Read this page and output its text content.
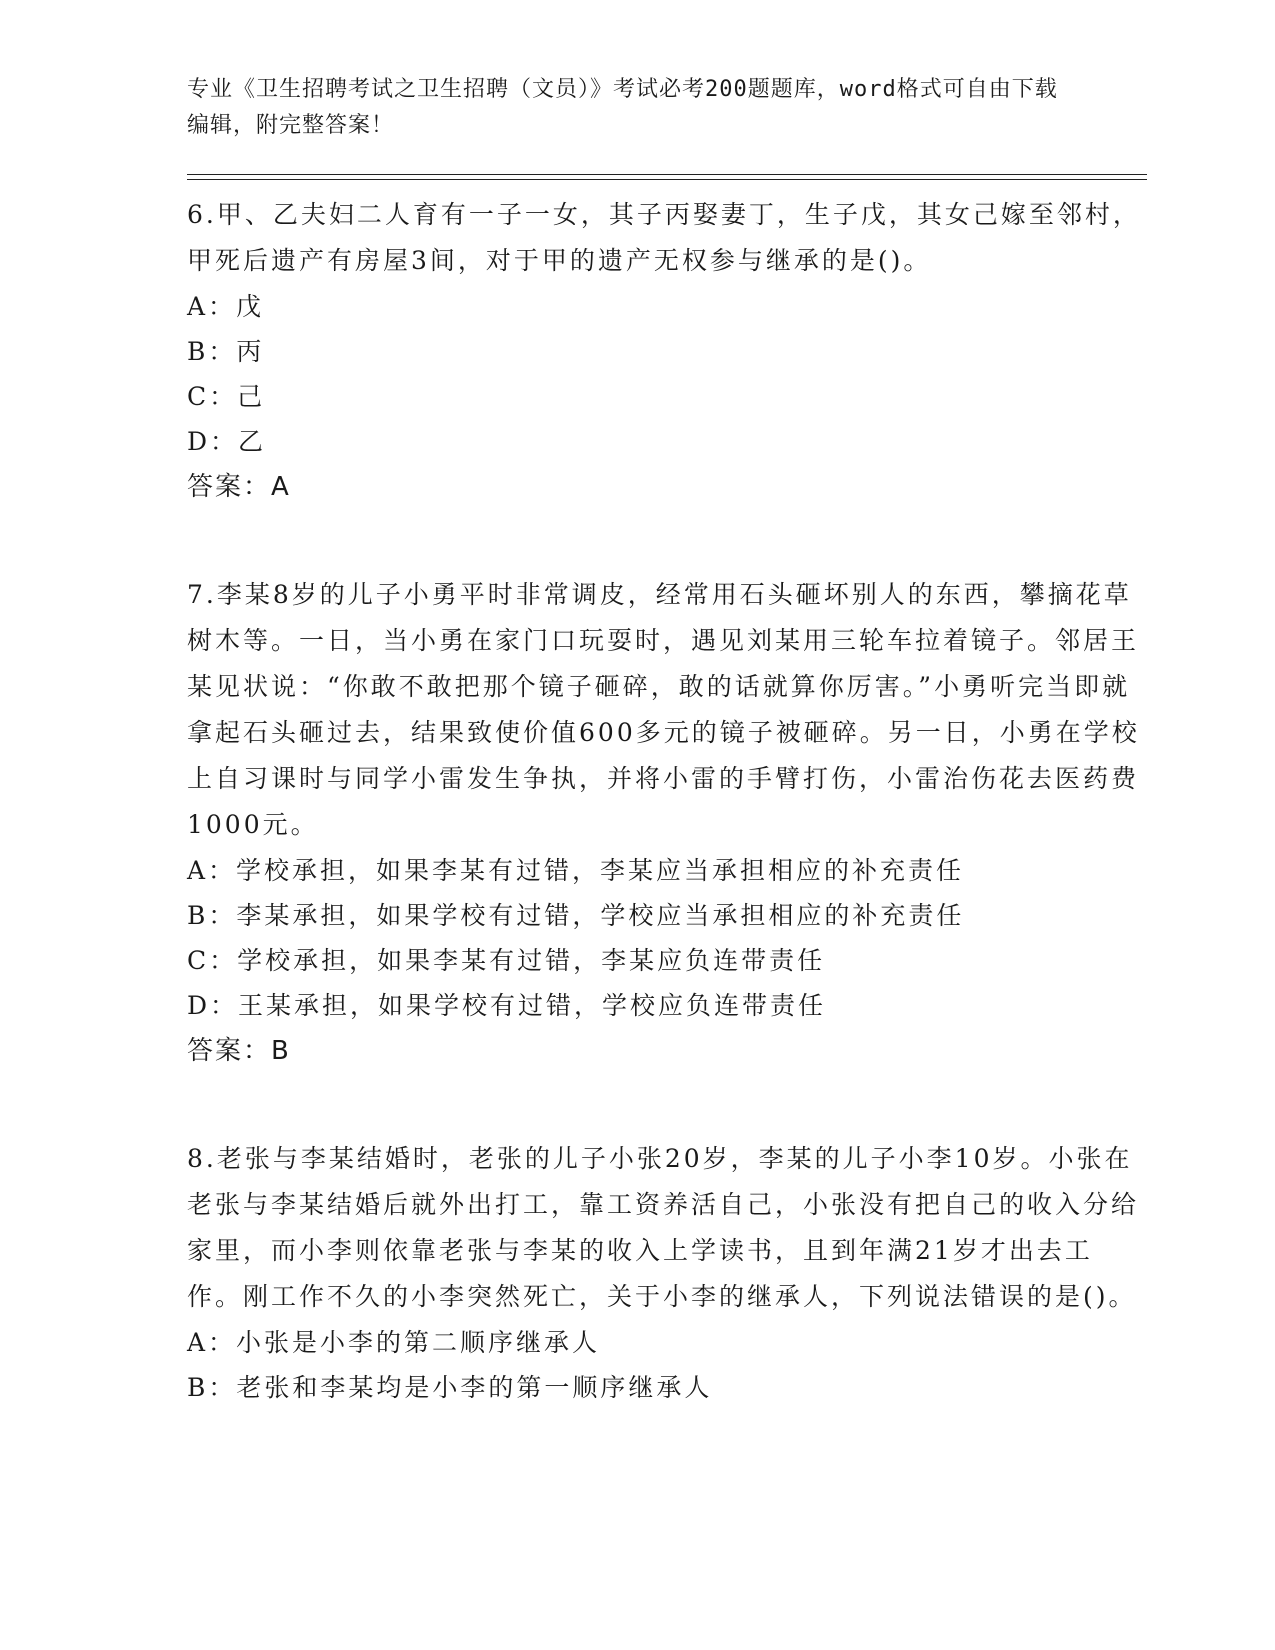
专业《卫生招聘考试之卫生招聘（文员）》考试必考200题题库，word格式可自由下载编辑，附完整答案！

6.甲、乙夫妇二人育有一子一女，其子丙娶妻丁，生子戊，其女己嫁至邻村，甲死后遗产有房屋3间，对于甲的遗产无权参与继承的是()。

A：戊

B：丙

C：己

D：乙

答案：A

7.李某8岁的儿子小勇平时非常调皮，经常用石头砸坏别人的东西，攀摘花草树木等。一日，当小勇在家门口玩耍时，遇见刘某用三轮车拉着镜子。邻居王某见状说：“你敢不敢把那个镜子砸碎，敢的话就算你厉害。”小勇听完当即就拿起石头砸过去，结果致使价值600多元的镜子被砸碎。另一日，小勇在学校上自习课时与同学小雷发生争执，并将小雷的手臂打伤，小雷治伤花去医药费1000元。

A：学校承担，如果李某有过错，李某应当承担相应的补充责任

B：李某承担，如果学校有过错，学校应当承担相应的补充责任

C：学校承担，如果李某有过错，李某应负连带责任

D：王某承担，如果学校有过错，学校应负连带责任

答案：B

8.老张与李某结婚时，老张的儿子小张20岁，李某的儿子小李10岁。小张在老张与李某结婚后就外出打工，靠工资养活自己，小张没有把自己的收入分给家里，而小李则依靠老张与李某的收入上学读书，且到年满21岁才出去工作。刚工作不久的小李突然死亡，关于小李的继承人，下列说法错误的是()。

A：小张是小李的第二顺序继承人

B：老张和李某均是小李的第一顺序继承人
